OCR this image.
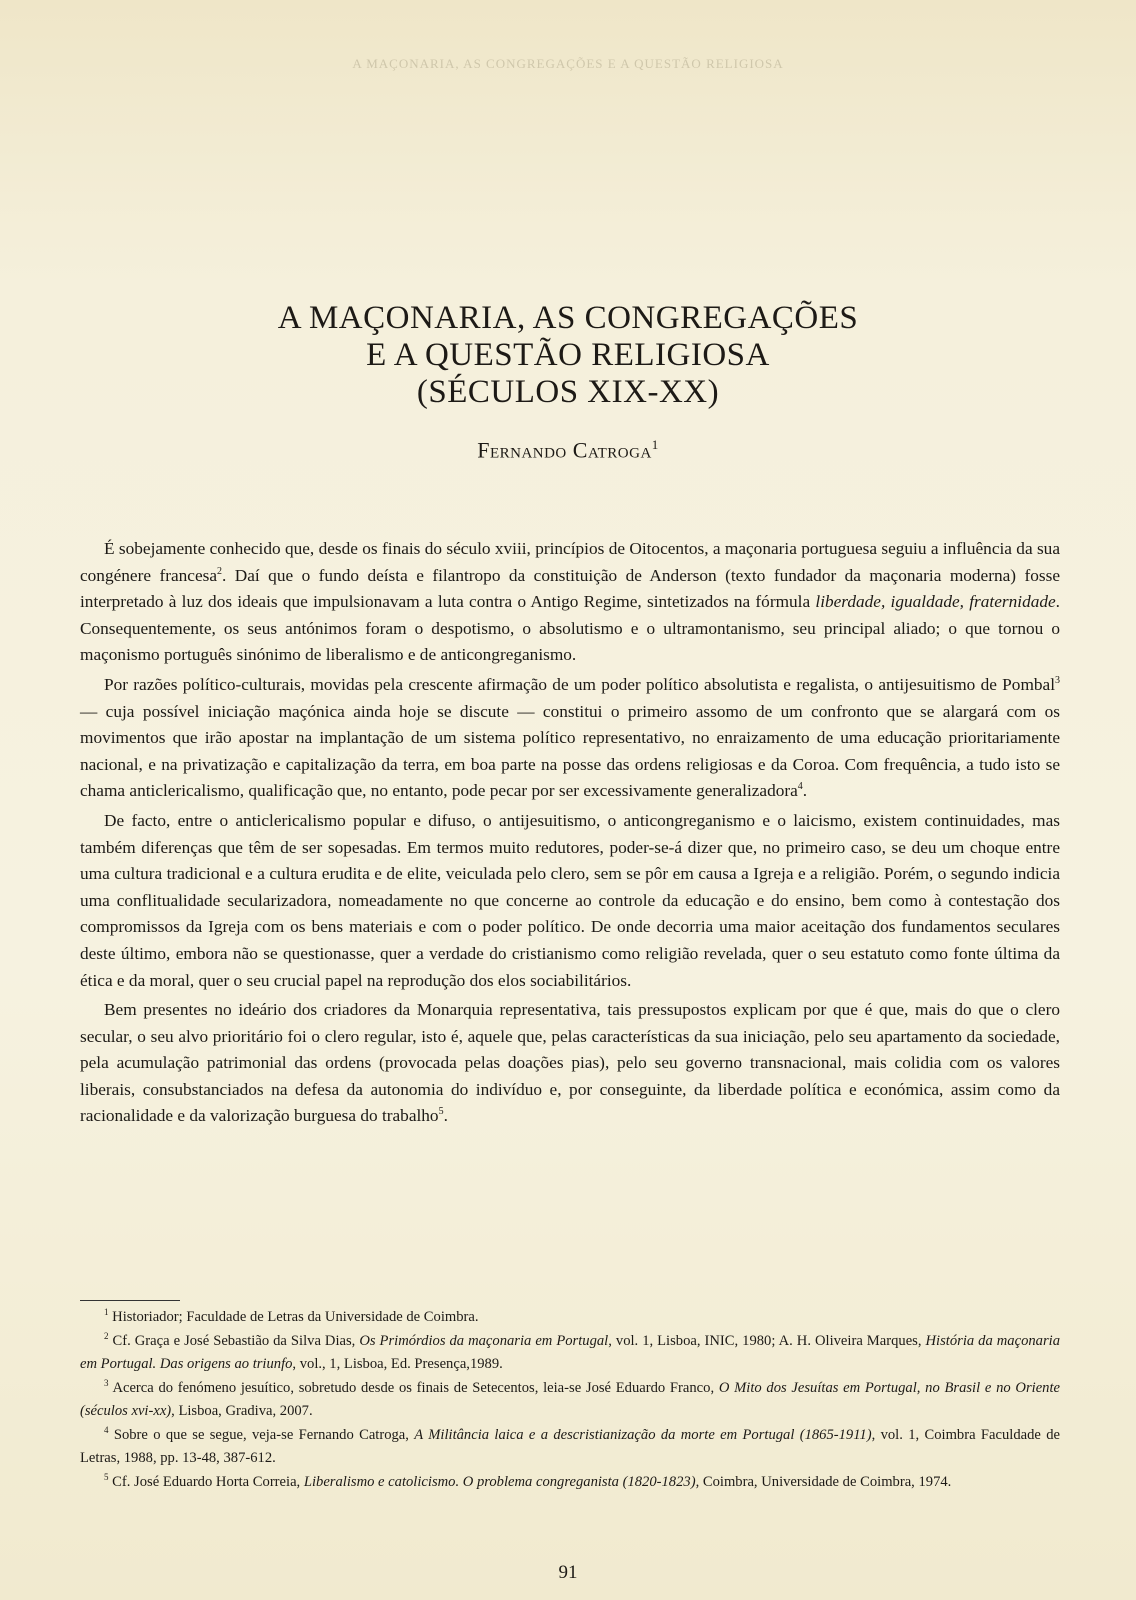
A MAÇONARIA, AS CONGREGAÇÕES E A QUESTÃO RELIGIOSA
A MAÇONARIA, AS CONGREGAÇÕES
E A QUESTÃO RELIGIOSA
(SÉCULOS XIX-XX)
Fernando Catroga$^1$

É sobejamente conhecido que, desde os finais do século xviii, princípios de Oitocentos, a maçonaria portuguesa seguiu a influência da sua congénere francesa$^2$. Daí que o fundo deísta e filantropo da constituição de Anderson (texto fundador da maçonaria moderna) fosse interpretado à luz dos ideais que impulsionavam a luta contra o Antigo Regime, sintetizados na fórmula liberdade, igualdade, fraternidade. Consequentemente, os seus antónimos foram o despotismo, o absolutismo e o ultramontanismo, seu principal aliado; o que tornou o maçonismo português sinónimo de liberalismo e de anticongreganismo.

Por razões político-culturais, movidas pela crescente afirmação de um poder político absolutista e regalista, o antijesuitismo de Pombal$^3$ — cuja possível iniciação maçónica ainda hoje se discute — constitui o primeiro assomo de um confronto que se alargará com os movimentos que irão apostar na implantação de um sistema político representativo, no enraizamento de uma educação prioritariamente nacional, e na privatização e capitalização da terra, em boa parte na posse das ordens religiosas e da Coroa. Com frequência, a tudo isto se chama anticlericalismo, qualificação que, no entanto, pode pecar por ser excessivamente generalizadora$^4$.

De facto, entre o anticlericalismo popular e difuso, o antijesuitismo, o anticongreganismo e o laicismo, existem continuidades, mas também diferenças que têm de ser sopesadas. Em termos muito redutores, poder-se-á dizer que, no primeiro caso, se deu um choque entre uma cultura tradicional e a cultura erudita e de elite, veiculada pelo clero, sem se pôr em causa a Igreja e a religião. Porém, o segundo indicia uma conflitualidade secularizadora, nomeadamente no que concerne ao controle da educação e do ensino, bem como à contestação dos compromissos da Igreja com os bens materiais e com o poder político. De onde decorria uma maior aceitação dos fundamentos seculares deste último, embora não se questionasse, quer a verdade do cristianismo como religião revelada, quer o seu estatuto como fonte última da ética e da moral, quer o seu crucial papel na reprodução dos elos sociabilitários.

Bem presentes no ideário dos criadores da Monarquia representativa, tais pressupostos explicam por que é que, mais do que o clero secular, o seu alvo prioritário foi o clero regular, isto é, aquele que, pelas características da sua iniciação, pelo seu apartamento da sociedade, pela acumulação patrimonial das ordens (provocada pelas doações pias), pelo seu governo transnacional, mais colidia com os valores liberais, consubstanciados na defesa da autonomia do indivíduo e, por conseguinte, da liberdade política e económica, assim como da racionalidade e da valorização burguesa do trabalho$^5$.

$^1$ Historiador; Faculdade de Letras da Universidade de Coimbra.

$^2$ Cf. Graça e José Sebastião da Silva Dias, Os Primórdios da maçonaria em Portugal, vol. 1, Lisboa, INIC, 1980; A. H. Oliveira Marques, História da maçonaria em Portugal. Das origens ao triunfo, vol., 1, Lisboa, Ed. Presença,1989.

$^3$ Acerca do fenómeno jesuítico, sobretudo desde os finais de Setecentos, leia-se José Eduardo Franco, O Mito dos Jesuítas em Portugal, no Brasil e no Oriente (séculos xvi-xx), Lisboa, Gradiva, 2007.

$^4$ Sobre o que se segue, veja-se Fernando Catroga, A Militância laica e a descristianização da morte em Portugal (1865-1911), vol. 1, Coimbra Faculdade de Letras, 1988, pp. 13-48, 387-612.

$^5$ Cf. José Eduardo Horta Correia, Liberalismo e catolicismo. O problema congreganista (1820-1823), Coimbra, Universidade de Coimbra, 1974.

91
